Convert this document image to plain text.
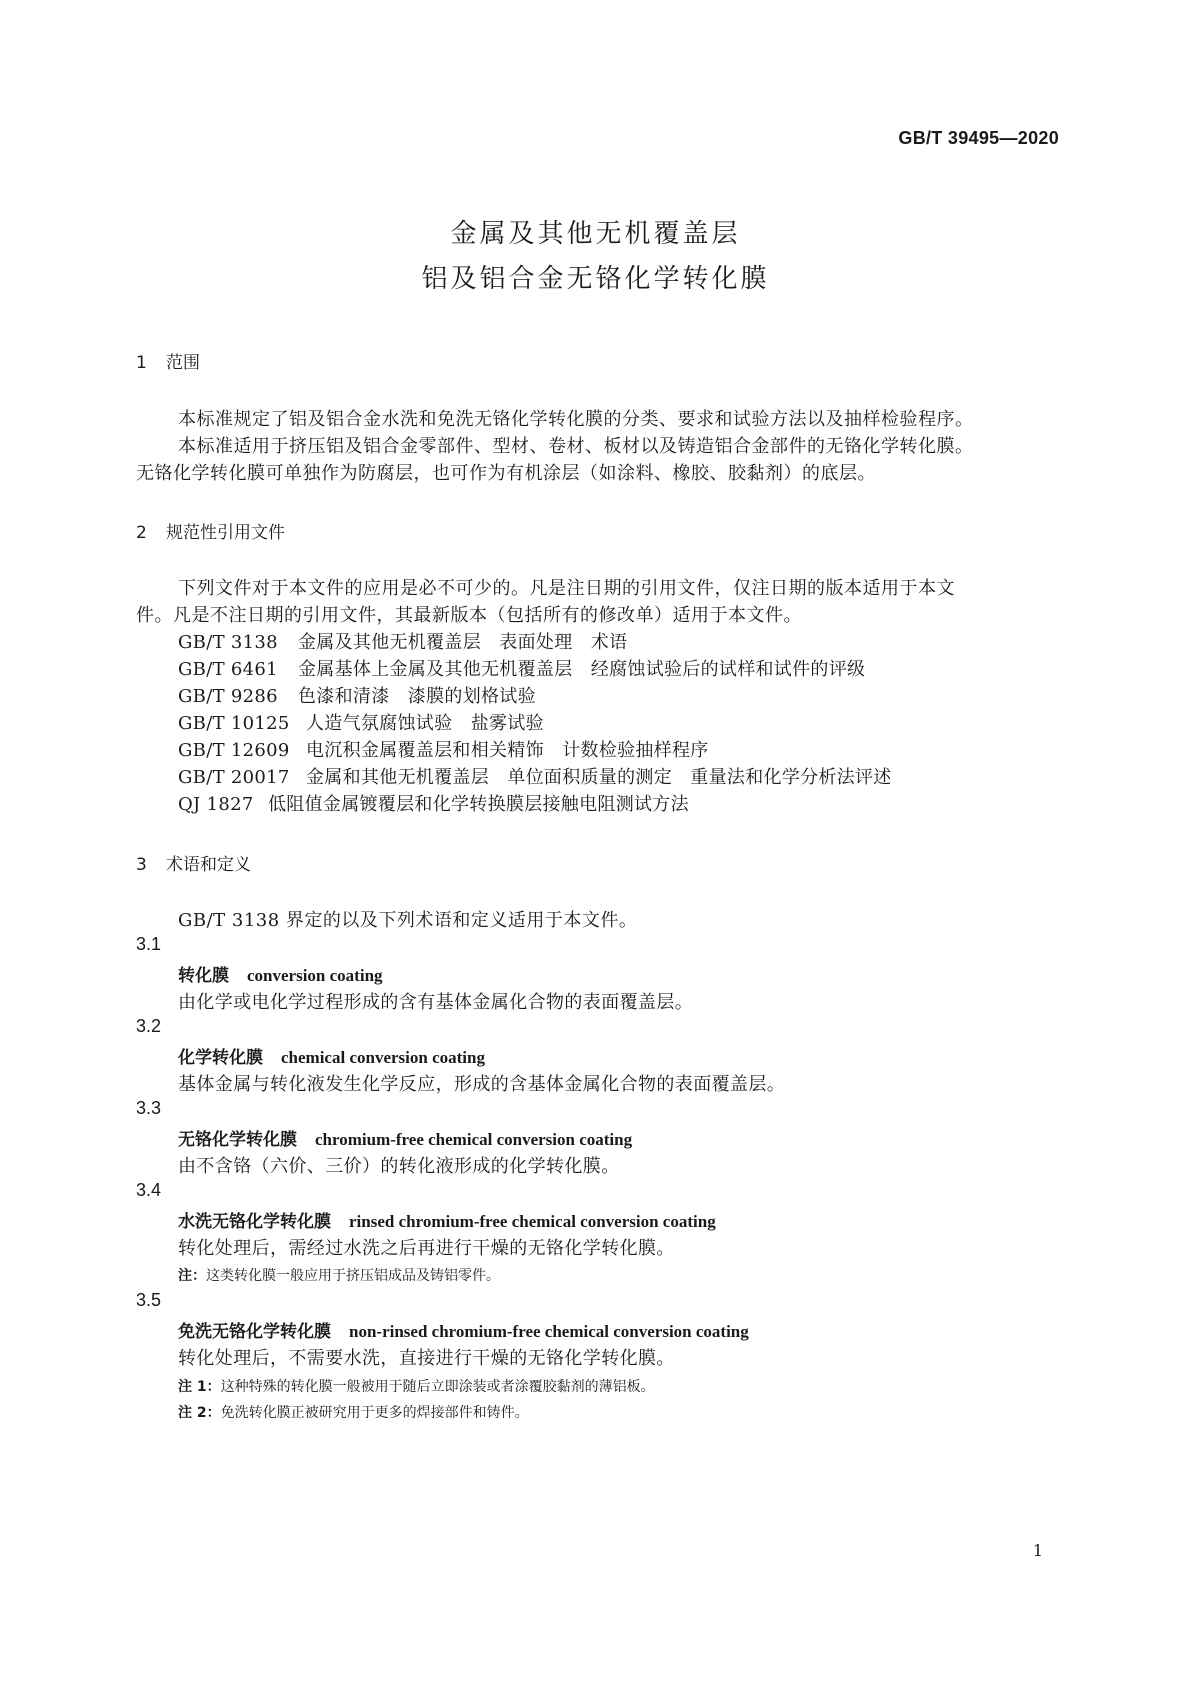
GB/T 39495—2020
金属及其他无机覆盖层
铝及铝合金无铬化学转化膜
1 范围
本标准规定了铝及铝合金水洗和免洗无铬化学转化膜的分类、要求和试验方法以及抽样检验程序。
本标准适用于挤压铝及铝合金零部件、型材、卷材、板材以及铸造铝合金部件的无铬化学转化膜。
无铬化学转化膜可单独作为防腐层，也可作为有机涂层（如涂料、橡胶、胶黏剂）的底层。
2 规范性引用文件
下列文件对于本文件的应用是必不可少的。凡是注日期的引用文件，仅注日期的版本适用于本文
件。凡是不注日期的引用文件，其最新版本（包括所有的修改单）适用于本文件。
GB/T 3138 金属及其他无机覆盖层　表面处理　术语
GB/T 6461 金属基体上金属及其他无机覆盖层　经腐蚀试验后的试样和试件的评级
GB/T 9286 色漆和清漆　漆膜的划格试验
GB/T 10125 人造气氛腐蚀试验　盐雾试验
GB/T 12609 电沉积金属覆盖层和相关精饰　计数检验抽样程序
GB/T 20017 金属和其他无机覆盖层　单位面积质量的测定　重量法和化学分析法评述
QJ 1827 低阻值金属镀覆层和化学转换膜层接触电阻测试方法
3 术语和定义
GB/T 3138 界定的以及下列术语和定义适用于本文件。
3.1
转化膜 conversion coating
由化学或电化学过程形成的含有基体金属化合物的表面覆盖层。
3.2
化学转化膜 chemical conversion coating
基体金属与转化液发生化学反应，形成的含基体金属化合物的表面覆盖层。
3.3
无铬化学转化膜 chromium-free chemical conversion coating
由不含铬（六价、三价）的转化液形成的化学转化膜。
3.4
水洗无铬化学转化膜 rinsed chromium-free chemical conversion coating
转化处理后，需经过水洗之后再进行干燥的无铬化学转化膜。
注：这类转化膜一般应用于挤压铝成品及铸铝零件。
3.5
免洗无铬化学转化膜 non-rinsed chromium-free chemical conversion coating
转化处理后，不需要水洗，直接进行干燥的无铬化学转化膜。
注 1：这种特殊的转化膜一般被用于随后立即涂装或者涂覆胶黏剂的薄铝板。
注 2：免洗转化膜正被研究用于更多的焊接部件和铸件。
1
